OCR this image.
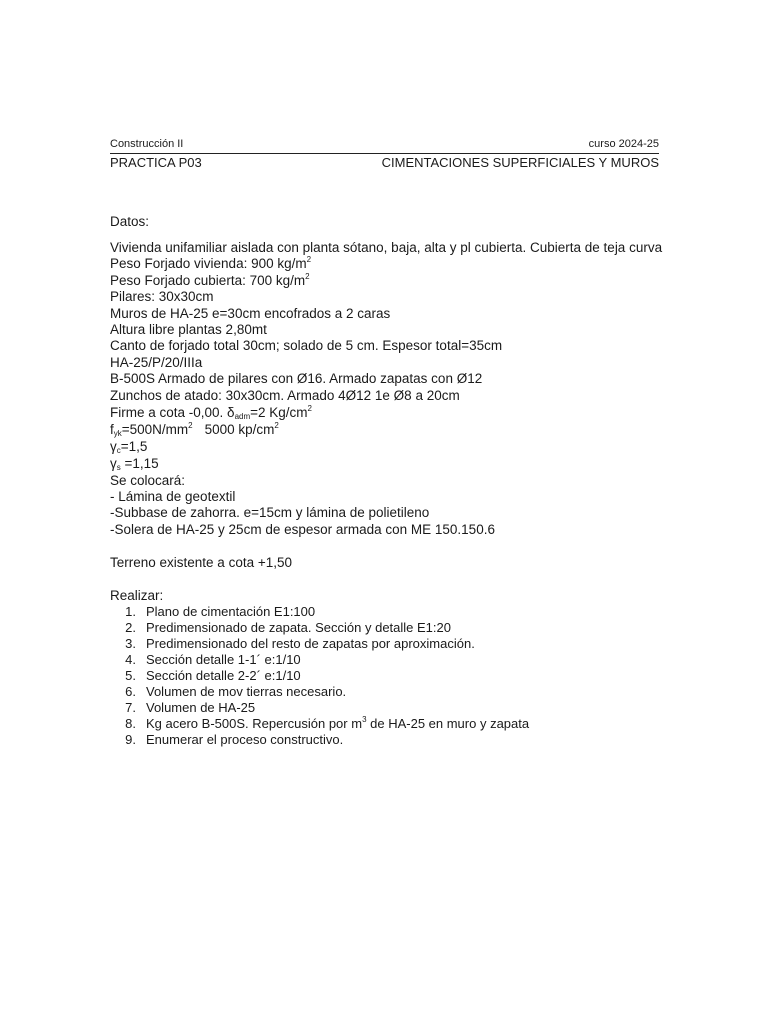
Construcción II	curso 2024-25
PRACTICA P03	CIMENTACIONES SUPERFICIALES Y MUROS
Datos:
Vivienda unifamiliar aislada con planta sótano, baja, alta y pl cubierta. Cubierta de teja curva
Peso Forjado vivienda: 900 $kg/m^2$
Peso Forjado cubierta: 700 $kg/m^2$
Pilares: 30x30cm
Muros de HA-25 e=30cm encofrados a 2 caras
Altura libre plantas 2,80mt
Canto de forjado total 30cm; solado de 5 cm. Espesor total=35cm
HA-25/P/20/IIIa
B-500S Armado de pilares con Ø16. Armado zapatas con Ø12
Zunchos de atado: 30x30cm. Armado 4Ø12 1e Ø8 a 20cm
Firme a cota -0,00. $\delta_{adm}=2$ $Kg/cm^2$
$f_{yk}=500N/mm^2$ 5000 $kp/cm^2$
$\gamma_c=1,5$
$\gamma_s =1,15$
Se colocará:
- Lámina de geotextil
-Subbase de zahorra. e=15cm y lámina de polietileno
-Solera de HA-25 y 25cm de espesor armada con ME 150.150.6
Terreno existente a cota +1,50
Realizar:
1. Plano de cimentación E1:100
2. Predimensionado de zapata. Sección y detalle E1:20
3. Predimensionado del resto de zapatas por aproximación.
4. Sección detalle 1-1´ e:1/10
5. Sección detalle 2-2´ e:1/10
6. Volumen de mov tierras necesario.
7. Volumen de HA-25
8. Kg acero B-500S. Repercusión por $m^3$ de HA-25 en muro y zapata
9. Enumerar el proceso constructivo.
